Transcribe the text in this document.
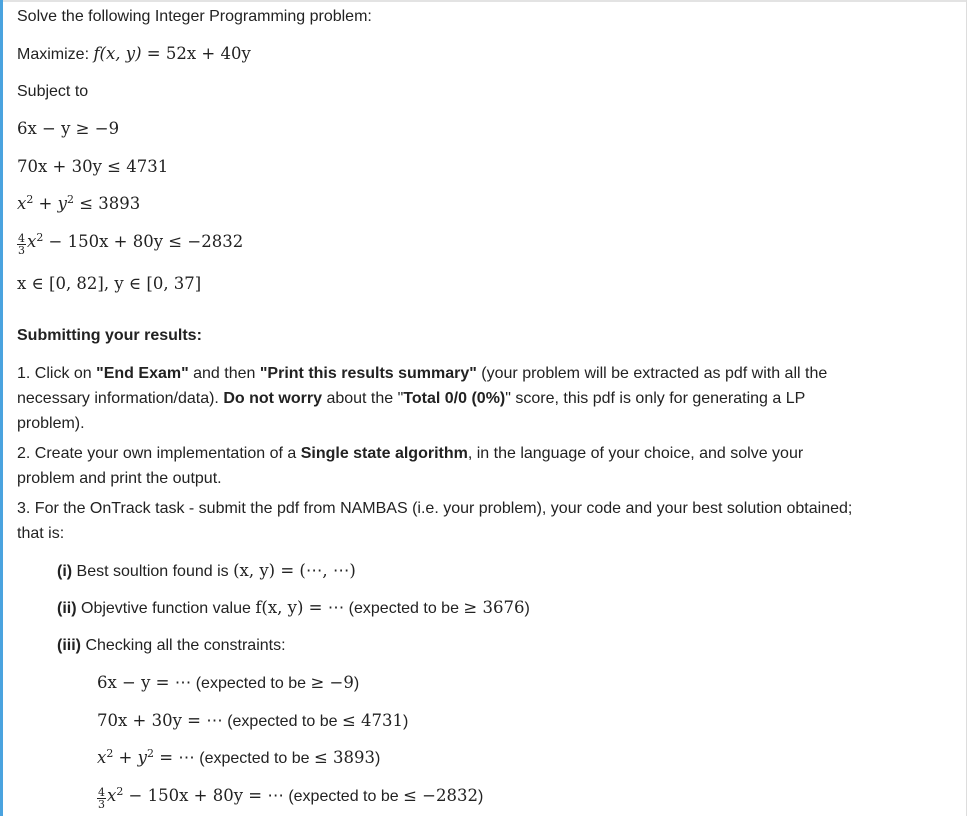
Solve the following Integer Programming problem:
Maximize: f(x, y) = 52x + 40y
Subject to
6x − y ≥ −9
70x + 30y ≤ 4731
$x^2 + y^2 \le 3893$
$\frac{4}{3} x^2 - 150x + 80y \le -2832$
x ∈ [0, 82], y ∈ [0, 37]
Submitting your results:
1. Click on "End Exam" and then "Print this results summary" (your problem will be extracted as pdf with all the necessary information/data). Do not worry about the "Total 0/0 (0%)" score, this pdf is only for generating a LP problem).
2. Create your own implementation of a Single state algorithm, in the language of your choice, and solve your problem and print the output.
3. For the OnTrack task - submit the pdf from NAMBAS (i.e. your problem), your code and your best solution obtained; that is:
(i) Best soultion found is (x, y) = (⋯, ⋯)
(ii) Objevtive function value f(x, y) = ⋯ (expected to be ≥ 3676)
(iii) Checking all the constraints:
6x − y = ⋯ (expected to be ≥ −9)
70x + 30y = ⋯ (expected to be ≤ 4731)
$x^2 + y^2$ = ⋯ (expected to be ≤ 3893)
$\frac{4}{3} x^2 - 150x + 80y$ = ⋯ (expected to be ≤ −2832)
